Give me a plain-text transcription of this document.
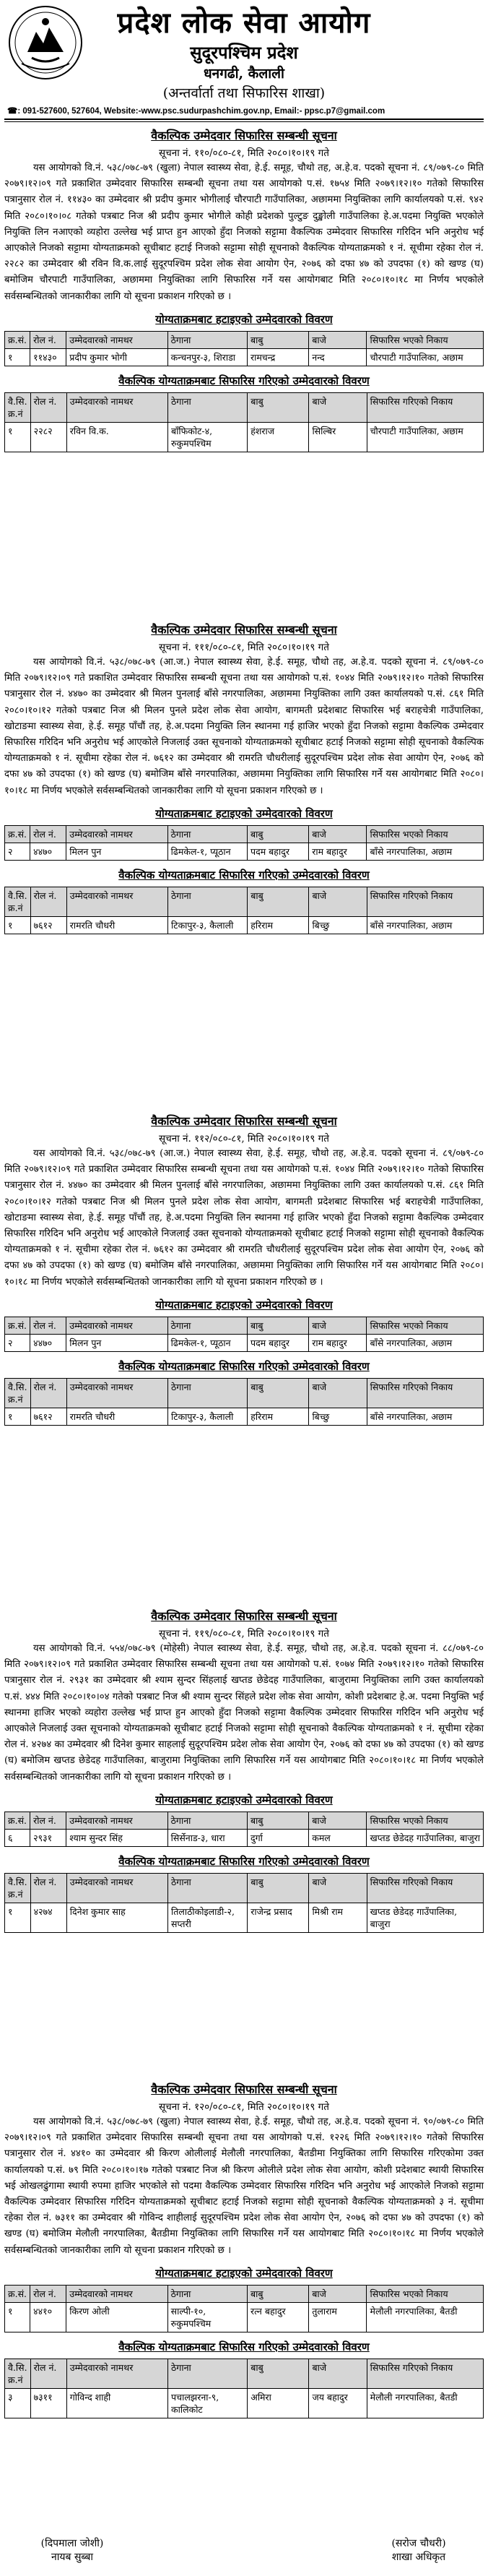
प्रदेश लोक सेवा आयोग
सुदूरपश्चिम प्रदेश
धनगढी, कैलाली
(अन्तर्वार्ता तथा सिफारिस शाखा)
☎: 091-527600, 527604, Website:-www.psc.sudurpashchim.gov.np, Email:- ppsc.p7@gmail.com
वैकल्पिक उम्मेदवार सिफारिस सम्बन्धी सूचना
सूचना नं. ११०/०८०-८१, मिति २०८०।१०।१९ गते
यस आयोगको वि.नं. ५३८/०७८-७९ (खुला) नेपाल स्वास्थ्य सेवा, हे.ई. समूह, चौथो तह, अ.हे.व. पदको सूचना नं. ८९/०७९-८० मिति २०७९।१२।०९ गते प्रकाशित उम्मेदवार सिफारिस सम्बन्धी सूचना तथा यस आयोगको प.सं. १७५४ मिति २०७९।१२।१० गतेको सिफारिस पत्रानुसार रोल नं. ११४३० का उम्मेदवार श्री प्रदीप कुमार भोगीलाई चौरपाटी गाउँपालिका, अछाममा नियुक्तिका लागि कार्यालयको प.सं. ९४२ मिति २०८०।१०।०८ गतेको पत्रबाट निज श्री प्रदीप कुमार भोगीले कोही प्रदेशको पुल्टुङ दुङ्खोली गाउँपालिका हे.अ.पदमा नियुक्ति भएकोले नियुक्ति लिन नआएको व्यहोरा उल्लेख भई प्राप्त हुन आएको हुँदा निजको सट्टामा वैकल्पिक उम्मेदवार सिफारिस गरिदिन भनि अनुरोध भई आएकोले निजको सट्टामा योग्यताक्रमको सूचीबाट हटाई निजको सट्टामा सोही सूचनाको वैकल्पिक योग्यताक्रमको १ नं. सूचीमा रहेका रोल नं. २२८२ का उम्मेदवार श्री रविन वि.क.लाई सुदूरपश्चिम प्रदेश लोक सेवा आयोग ऐन, २०७६ को दफा ४७ को उपदफा (१) को खण्ड (घ) बमोजिम चौरपाटी गाउँपालिका, अछाममा नियुक्तिका लागि सिफारिस गर्ने यस आयोगबाट मिति २०८०।१०।१८ मा निर्णय भएकोले सर्वसम्बन्धितको जानकारीका लागि यो सूचना प्रकाशन गरिएको छ ।
योग्यताक्रमबाट हटाइएको उम्मेदवारको विवरण
क्र.सं.	रोल नं.	उम्मेदवारको नामथर	ठेगाना	बाबु	बाजे	सिफारिस भएको निकाय
१	११४३०	प्रदीप कुमार भोगी	कन्चनपुर-३, शिराडा	रामचन्द्र	नन्द	चौरपाटी गाउँपालिका, अछाम
वैकल्पिक योग्यताक्रमबाट सिफारिस गरिएको उम्मेदवारको विवरण
वै.सि. क्र.नं	रोल नं.	उम्मेदवारको नामथर	ठेगाना	बाबु	बाजे	सिफारिस गरिएको निकाय
१	२२८२	रविन वि.क.	बाँफिकोट-४, रुकुमपश्चिम	हंशराज	सिल्बिर	चौरपाटी गाउँपालिका, अछाम
वैकल्पिक उम्मेदवार सिफारिस सम्बन्धी सूचना
सूचना नं. १११/०८०-८१, मिति २०८०।१०।१९ गते
यस आयोगको वि.नं. ५३८/०७८-७९ (आ.ज.) नेपाल स्वास्थ्य सेवा, हे.ई. समूह, चौथो तह, अ.हे.व. पदको सूचना नं. ८९/०७९-८० मिति २०७९।१२।०९ गते प्रकाशित उम्मेदवार सिफारिस सम्बन्धी सूचना तथा यस आयोगको प.सं. १०४४ मिति २०७९।१२।१० गतेको सिफारिस पत्रानुसार रोल नं. ४४७० का उम्मेदवार श्री मिलन पुनलाई बाँसे नगरपालिका, अछाममा नियुक्तिका लागि उक्त कार्यालयको प.सं. ८६१ मिति २०८०।१०।१२ गतेको पत्रबाट निज श्री मिलन पुनले प्रदेश लोक सेवा आयोग, बागमती प्रदेशबाट सिफारिस भई बराहचेत्री गाउँपालिका, खोटाङमा स्वास्थ्य सेवा, हे.ई. समूह पाँचौं तह, हे.अ.पदमा नियुक्ति लिन स्थानमा गई हाजिर भएको हुँदा निजको सट्टामा वैकल्पिक उम्मेदवार सिफारिस गरिदिन भनि अनुरोध भई आएकोले निजलाई उक्त सूचनाको योग्यताक्रमको सूचीबाट हटाई निजको सट्टामा सोही सूचनाको वैकल्पिक योग्यताक्रमको १ नं. सूचीमा रहेका रोल नं. ७६१२ का उम्मेदवार श्री रामरति चौधरीलाई सुदूरपश्चिम प्रदेश लोक सेवा आयोग ऐन, २०७६ को दफा ४७ को उपदफा (१) को खण्ड (घ) बमोजिम बाँसे नगरपालिका, अछाममा नियुक्तिका लागि सिफारिस गर्ने यस आयोगबाट मिति २०८०।१०।१८ मा निर्णय भएकोले सर्वसम्बन्धितको जानकारीका लागि यो सूचना प्रकाशन गरिएको छ ।
योग्यताक्रमबाट हटाइएको उम्मेदवारको विवरण
क्र.सं.	रोल नं.	उम्मेदवारको नामथर	ठेगाना	बाबु	बाजे	सिफारिस भएको निकाय
२	४४७०	मिलन पुन	ढिमकेल-१, प्यूठान	पदम बहादुर	राम बहादुर	बाँसे नगरपालिका, अछाम
वैकल्पिक योग्यताक्रमबाट सिफारिस गरिएको उम्मेदवारको विवरण
वै.सि. क्र.नं	रोल नं.	उम्मेदवारको नामथर	ठेगाना	बाबु	बाजे	सिफारिस गरिएको निकाय
१	७६१२	रामरति चौधरी	टिकापुर-३, कैलाली	हरिराम	बिच्छु	बाँसे नगरपालिका, अछाम
वैकल्पिक उम्मेदवार सिफारिस सम्बन्धी सूचना
सूचना नं. ११२/०८०-८१, मिति २०८०।१०।१९ गते
यस आयोगको वि.नं. ५३८/०७८-७९ (आ.ज.) नेपाल स्वास्थ्य सेवा, हे.ई. समूह, चौथो तह, अ.हे.व. पदको सूचना नं. ८९/०७९-८० मिति २०७९।१२।०९ गते प्रकाशित उम्मेदवार सिफारिस सम्बन्धी सूचना तथा यस आयोगको प.सं. १०४४ मिति २०७९।१२।१० गतेको सिफारिस पत्रानुसार रोल नं. ४४७० का उम्मेदवार श्री मिलन पुनलाई बाँसे नगरपालिका, अछाममा नियुक्तिका लागि उक्त कार्यालयको प.सं. ८६१ मिति २०८०।१०।१२ गतेको पत्रबाट निज श्री मिलन पुनले प्रदेश लोक सेवा आयोग, बागमती प्रदेशबाट सिफारिस भई बराहचेत्री गाउँपालिका, खोटाङमा स्वास्थ्य सेवा, हे.ई. समूह पाँचौं तह, हे.अ.पदमा नियुक्ति लिन स्थानमा गई हाजिर भएको हुँदा निजको सट्टामा वैकल्पिक उम्मेदवार सिफारिस गरिदिन भनि अनुरोध भई आएकोले निजलाई उक्त सूचनाको योग्यताक्रमको सूचीबाट हटाई निजको सट्टामा सोही सूचनाको वैकल्पिक योग्यताक्रमको १ नं. सूचीमा रहेका रोल नं. ७६१२ का उम्मेदवार श्री रामरति चौधरीलाई सुदूरपश्चिम प्रदेश लोक सेवा आयोग ऐन, २०७६ को दफा ४७ को उपदफा (१) को खण्ड (घ) बमोजिम बाँसे नगरपालिका, अछाममा नियुक्तिका लागि सिफारिस गर्ने यस आयोगबाट मिति २०८०।१०।१८ मा निर्णय भएकोले सर्वसम्बन्धितको जानकारीका लागि यो सूचना प्रकाशन गरिएको छ ।
योग्यताक्रमबाट हटाइएको उम्मेदवारको विवरण
क्र.सं.	रोल नं.	उम्मेदवारको नामथर	ठेगाना	बाबु	बाजे	सिफारिस भएको निकाय
२	४४७०	मिलन पुन	ढिमकेल-१, प्यूठान	पदम बहादुर	राम बहादुर	बाँसे नगरपालिका, अछाम
वैकल्पिक योग्यताक्रमबाट सिफारिस गरिएको उम्मेदवारको विवरण
वै.सि. क्र.नं	रोल नं.	उम्मेदवारको नामथर	ठेगाना	बाबु	बाजे	सिफारिस गरिएको निकाय
१	७६१२	रामरति चौधरी	टिकापुर-३, कैलाली	हरिराम	बिच्छु	बाँसे नगरपालिका, अछाम
वैकल्पिक उम्मेदवार सिफारिस सम्बन्धी सूचना
सूचना नं. ११९/०८०-८१, मिति २०८०।१०।१९ गते
यस आयोगको वि.नं. ५५४/०७८-७९ (मोहेसी) नेपाल स्वास्थ्य सेवा, हे.ई. समूह, चौथो तह, अ.हे.व. पदको सूचना नं. ८८/०७९-८० मिति २०७९।१२।०९ गते प्रकाशित उम्मेदवार सिफारिस सम्बन्धी सूचना तथा यस आयोगको प.सं. १०७४ मिति २०७९।१२।१० गतेको सिफारिस पत्रानुसार रोल नं. २९३१ का उम्मेदवार श्री श्याम सुन्दर सिंहलाई खप्तड छेडेदह गाउँपालिका, बाजुरामा नियुक्तिका लागि उक्त कार्यालयको प.सं. ४४४ मिति २०८०।१०।०४ गतेको पत्रबाट निज श्री श्याम सुन्दर सिंहले प्रदेश लोक सेवा आयोग, कोशी प्रदेशबाट हे.अ. पदमा नियुक्ति भई स्थानमा हाजिर भएको व्यहोरा उल्लेख भई प्राप्त हुन आएको हुँदा निजको सट्टामा वैकल्पिक उम्मेदवार सिफारिस गरिदिन भनि अनुरोध भई आएकोले निजलाई उक्त सूचनाको योग्यताक्रमको सूचीबाट हटाई निजको सट्टामा सोही सूचनाको वैकल्पिक योग्यताक्रमको १ नं. सूचीमा रहेका रोल नं. ४२७४ का उम्मेदवार श्री दिनेश कुमार साहलाई सुदूरपश्चिम प्रदेश लोक सेवा आयोग ऐन, २०७६ को दफा ४७ को उपदफा (१) को खण्ड (घ) बमोजिम खप्तड छेडेदह गाउँपालिका, बाजुरामा नियुक्तिका लागि सिफारिस गर्ने यस आयोगबाट मिति २०८०।१०।१८ मा निर्णय भएकोले सर्वसम्बन्धितको जानकारीका लागि यो सूचना प्रकाशन गरिएको छ ।
योग्यताक्रमबाट हटाइएको उम्मेदवारको विवरण
क्र.सं.	रोल नं.	उम्मेदवारको नामथर	ठेगाना	बाबु	बाजे	सिफारिस भएको निकाय
६	२९३१	श्याम सुन्दर सिंह	सिर्सेनाड-३, धारा	दुर्गा	कमल	खप्तड छेडेदह गाउँपालिका, बाजुरा
वैकल्पिक योग्यताक्रमबाट सिफारिस गरिएको उम्मेदवारको विवरण
वै.सि. क्र.नं	रोल नं.	उम्मेदवारको नामथर	ठेगाना	बाबु	बाजे	सिफारिस गरिएको निकाय
१	४२७४	दिनेश कुमार साह	तिलाठीकोइलाडी-२, सप्तरी	राजेन्द्र प्रसाद	मिश्री राम	खप्तड छेडेदह गाउँपालिका, बाजुरा
वैकल्पिक उम्मेदवार सिफारिस सम्बन्धी सूचना
सूचना नं. १२०/०८०-८१, मिति २०८०।१०।१९ गते
यस आयोगको वि.नं. ५३८/०७८-७९ (खुला) नेपाल स्वास्थ्य सेवा, हे.ई. समूह, चौथो तह, अ.हे.व. पदको सूचना नं. ९०/०७९-८० मिति २०७९।१२।०९ गते प्रकाशित उम्मेदवार सिफारिस सम्बन्धी सूचना तथा यस आयोगको प.सं. १२२६ मिति २०७९।१२।१० गतेको सिफारिस पत्रानुसार रोल नं. ४४१० का उम्मेदवार श्री किरण ओलीलाई मेलौली नगरपालिका, बैतडीमा नियुक्तिका लागि सिफारिस गरिएकोमा उक्त कार्यालयको प.सं. ७९ मिति २०८०।१०।१७ गतेको पत्रबाट निज श्री किरण ओलीले प्रदेश लोक सेवा आयोग, कोशी प्रदेशबाट स्थायी सिफारिस भई ओखलढुंगामा स्थायी रुपमा हाजिर भएकोले सो पदमा वैकल्पिक उम्मेदवार सिफारिस गरिदिन भनि अनुरोध भई आएकोले निजको सट्टामा वैकल्पिक उम्मेदवार सिफारिस गरिदिन योग्यताक्रमको सूचीबाट हटाई निजको सट्टामा सोही सूचनाको वैकल्पिक योग्यताक्रमको ३ नं. सूचीमा रहेका रोल नं. ७३११ का उम्मेदवार श्री गोविन्द शाहीलाई सुदूरपश्चिम प्रदेश लोक सेवा आयोग ऐन, २०७६ को दफा ४७ को उपदफा (१) को खण्ड (घ) बमोजिम मेलौली नगरपालिका, बैतडीमा नियुक्तिका लागि सिफारिस गर्ने यस आयोगबाट मिति २०८०।१०।१८ मा निर्णय भएकोले सर्वसम्बन्धितको जानकारीका लागि यो सूचना प्रकाशन गरिएको छ ।
योग्यताक्रमबाट हटाइएको उम्मेदवारको विवरण
क्र.सं.	रोल नं.	उम्मेदवारको नामथर	ठेगाना	बाबु	बाजे	सिफारिस भएको निकाय
१	४४१०	किरण ओली	साल्पी-१०, रुकुमपश्चिम	रत्न बहादुर	तुलाराम	मेलौली नगरपालिका, बैतडी
वैकल्पिक योग्यताक्रमबाट सिफारिस गरिएको उम्मेदवारको विवरण
वै.सि. क्र.नं	रोल नं.	उम्मेदवारको नामथर	ठेगाना	बाबु	बाजे	सिफारिस गरिएको निकाय
३	७३११	गोविन्द शाही	पचालझरना-९, कालिकोट	अमिरा	जय बहादुर	मेलौली नगरपालिका, बैतडी
(दिपमाला जोशी)
नायब सुब्बा
(सरोज चौधरी)
शाखा अधिकृत
